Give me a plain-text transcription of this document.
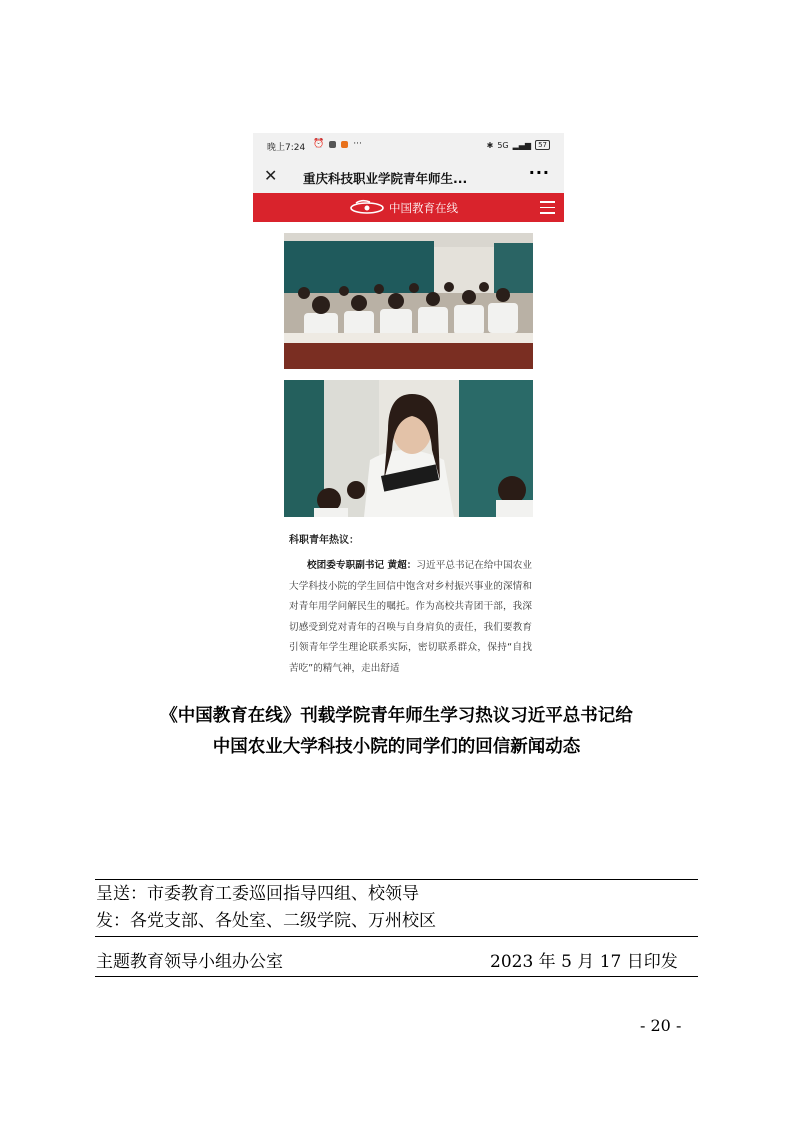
晚上7:24 ⏰	···	✱ 5G ▂▄▆	57
✕ 重庆科技职业学院青年师生...	···
中国教育在线
科职青年热议：
校团委专职副书记 黄超：习近平总书记在给中国农业大学科技小院的学生回信中饱含对乡村振兴事业的深情和对青年用学问解民生的嘱托。作为高校共青团干部，我深切感受到党对青年的召唤与自身肩负的责任，我们要教育引领青年学生理论联系实际，密切联系群众，保持“自找苦吃”的精气神，走出舒适
《中国教育在线》刊载学院青年师生学习热议习近平总书记给
中国农业大学科技小院的同学们的回信新闻动态
呈送：市委教育工委巡回指导四组、校领导
发：各党支部、各处室、二级学院、万州校区
主题教育领导小组办公室	2023 年 5 月 17 日印发
- 20 -
